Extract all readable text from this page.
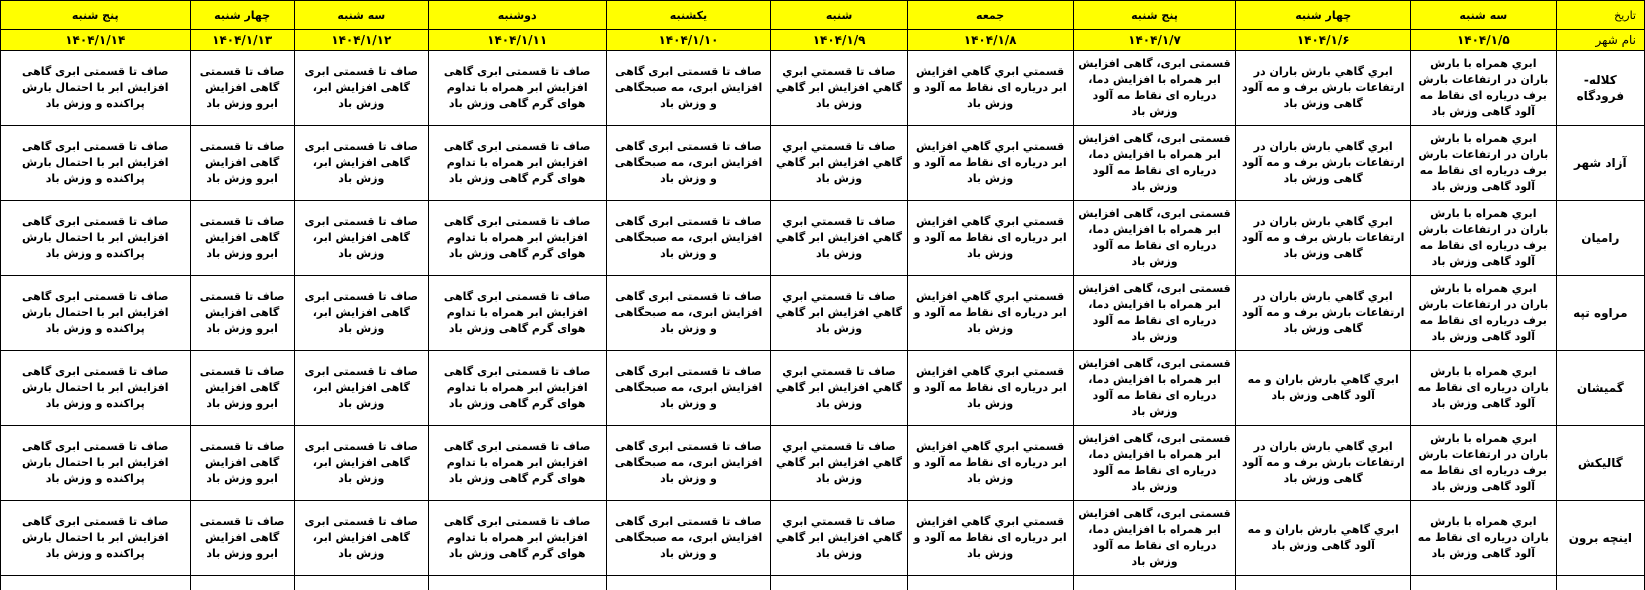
تاریخ	سه شنبه	چهار شنبه	پنج شنبه	جمعه	شنبه	یکشنبه	دوشنبه	سه شنبه	چهار شنبه	پنج شنبه
نام شهر	۱۴۰۴/۱/۵	۱۴۰۴/۱/۶	۱۴۰۴/۱/۷	۱۴۰۴/۱/۸	۱۴۰۴/۱/۹	۱۴۰۴/۱/۱۰	۱۴۰۴/۱/۱۱	۱۴۰۴/۱/۱۲	۱۴۰۴/۱/۱۳	۱۴۰۴/۱/۱۴
کلاله-فرودگاه	ابري همراه با بارش باران در ارتفاعات بارش برف درياره اى نقاط مه آلود گاهى وزش باد	ابري گاهي بارش باران در ارتفاعات بارش برف و مه آلود گاهى وزش باد	قسمتى ابرى، گاهى افزايش ابر همراه با افزايش دما، درياره اى نقاط مه آلود وزش باد	قسمتي ابري گاهي افزايش ابر درياره اى نقاط مه آلود و وزش باد	صاف تا قسمتي ابري گاهي افزايش ابر گاهي وزش باد	صاف تا قسمتى ابرى گاهى افزايش ابرى، مه صبحگاهى و وزش باد	صاف تا قسمتى ابرى گاهى افزايش ابر همراه با تداوم هواى گرم گاهى وزش باد	صاف تا قسمتى ابرى گاهى افزايش ابر، وزش باد	صاف تا قسمتى گاهى افزايش ابرو وزش باد	صاف تا قسمتى ابرى گاهى افزايش ابر با احتمال بارش پراكنده و وزش باد
آزاد شهر	ابري همراه با بارش باران در ارتفاعات بارش برف درياره اى نقاط مه آلود گاهى وزش باد	ابري گاهي بارش باران در ارتفاعات بارش برف و مه آلود گاهى وزش باد	قسمتى ابرى، گاهى افزايش ابر همراه با افزايش دما، درياره اى نقاط مه آلود وزش باد	قسمتي ابري گاهي افزايش ابر درياره اى نقاط مه آلود و وزش باد	صاف تا قسمتي ابري گاهي افزايش ابر گاهي وزش باد	صاف تا قسمتى ابرى گاهى افزايش ابرى، مه صبحگاهى و وزش باد	صاف تا قسمتى ابرى گاهى افزايش ابر همراه با تداوم هواى گرم گاهى وزش باد	صاف تا قسمتى ابرى گاهى افزايش ابر، وزش باد	صاف تا قسمتى گاهى افزايش ابرو وزش باد	صاف تا قسمتى ابرى گاهى افزايش ابر با احتمال بارش پراكنده و وزش باد
رامیان	ابري همراه با بارش باران در ارتفاعات بارش برف درياره اى نقاط مه آلود گاهى وزش باد	ابري گاهي بارش باران در ارتفاعات بارش برف و مه آلود گاهى وزش باد	قسمتى ابرى، گاهى افزايش ابر همراه با افزايش دما، درياره اى نقاط مه آلود وزش باد	قسمتي ابري گاهي افزايش ابر درياره اى نقاط مه آلود و وزش باد	صاف تا قسمتي ابري گاهي افزايش ابر گاهي وزش باد	صاف تا قسمتى ابرى گاهى افزايش ابرى، مه صبحگاهى و وزش باد	صاف تا قسمتى ابرى گاهى افزايش ابر همراه با تداوم هواى گرم گاهى وزش باد	صاف تا قسمتى ابرى گاهى افزايش ابر، وزش باد	صاف تا قسمتى گاهى افزايش ابرو وزش باد	صاف تا قسمتى ابرى گاهى افزايش ابر با احتمال بارش پراكنده و وزش باد
مراوه تپه	ابري همراه با بارش باران در ارتفاعات بارش برف درياره اى نقاط مه آلود گاهى وزش باد	ابري گاهي بارش باران در ارتفاعات بارش برف و مه آلود گاهى وزش باد	قسمتى ابرى، گاهى افزايش ابر همراه با افزايش دما، درياره اى نقاط مه آلود وزش باد	قسمتي ابري گاهي افزايش ابر درياره اى نقاط مه آلود و وزش باد	صاف تا قسمتي ابري گاهي افزايش ابر گاهي وزش باد	صاف تا قسمتى ابرى گاهى افزايش ابرى، مه صبحگاهى و وزش باد	صاف تا قسمتى ابرى گاهى افزايش ابر همراه با تداوم هواى گرم گاهى وزش باد	صاف تا قسمتى ابرى گاهى افزايش ابر، وزش باد	صاف تا قسمتى گاهى افزايش ابرو وزش باد	صاف تا قسمتى ابرى گاهى افزايش ابر با احتمال بارش پراكنده و وزش باد
گمیشان	ابري همراه با بارش باران درياره اى نقاط مه آلود گاهى وزش باد	ابري گاهي بارش باران و مه آلود گاهى وزش باد	قسمتى ابرى، گاهى افزايش ابر همراه با افزايش دما، درياره اى نقاط مه آلود وزش باد	قسمتي ابري گاهي افزايش ابر درياره اى نقاط مه آلود و وزش باد	صاف تا قسمتي ابري گاهي افزايش ابر گاهي وزش باد	صاف تا قسمتى ابرى گاهى افزايش ابرى، مه صبحگاهى و وزش باد	صاف تا قسمتى ابرى گاهى افزايش ابر همراه با تداوم هواى گرم گاهى وزش باد	صاف تا قسمتى ابرى گاهى افزايش ابر، وزش باد	صاف تا قسمتى گاهى افزايش ابرو وزش باد	صاف تا قسمتى ابرى گاهى افزايش ابر با احتمال بارش پراكنده و وزش باد
گالیکش	ابري همراه با بارش باران در ارتفاعات بارش برف درياره اى نقاط مه آلود گاهى وزش باد	ابري گاهي بارش باران در ارتفاعات بارش برف و مه آلود گاهى وزش باد	قسمتى ابرى، گاهى افزايش ابر همراه با افزايش دما، درياره اى نقاط مه آلود وزش باد	قسمتي ابري گاهي افزايش ابر درياره اى نقاط مه آلود و وزش باد	صاف تا قسمتي ابري گاهي افزايش ابر گاهي وزش باد	صاف تا قسمتى ابرى گاهى افزايش ابرى، مه صبحگاهى و وزش باد	صاف تا قسمتى ابرى گاهى افزايش ابر همراه با تداوم هواى گرم گاهى وزش باد	صاف تا قسمتى ابرى گاهى افزايش ابر، وزش باد	صاف تا قسمتى گاهى افزايش ابرو وزش باد	صاف تا قسمتى ابرى گاهى افزايش ابر با احتمال بارش پراكنده و وزش باد
اینچه برون	ابري همراه با بارش باران درياره اى نقاط مه آلود گاهى وزش باد	ابري گاهي بارش باران و مه آلود گاهى وزش باد	قسمتى ابرى، گاهى افزايش ابر همراه با افزايش دما، درياره اى نقاط مه آلود وزش باد	قسمتي ابري گاهي افزايش ابر درياره اى نقاط مه آلود و وزش باد	صاف تا قسمتي ابري گاهي افزايش ابر گاهي وزش باد	صاف تا قسمتى ابرى گاهى افزايش ابرى، مه صبحگاهى و وزش باد	صاف تا قسمتى ابرى گاهى افزايش ابر همراه با تداوم هواى گرم گاهى وزش باد	صاف تا قسمتى ابرى گاهى افزايش ابر، وزش باد	صاف تا قسمتى گاهى افزايش ابرو وزش باد	صاف تا قسمتى ابرى گاهى افزايش ابر با احتمال بارش پراكنده و وزش باد
